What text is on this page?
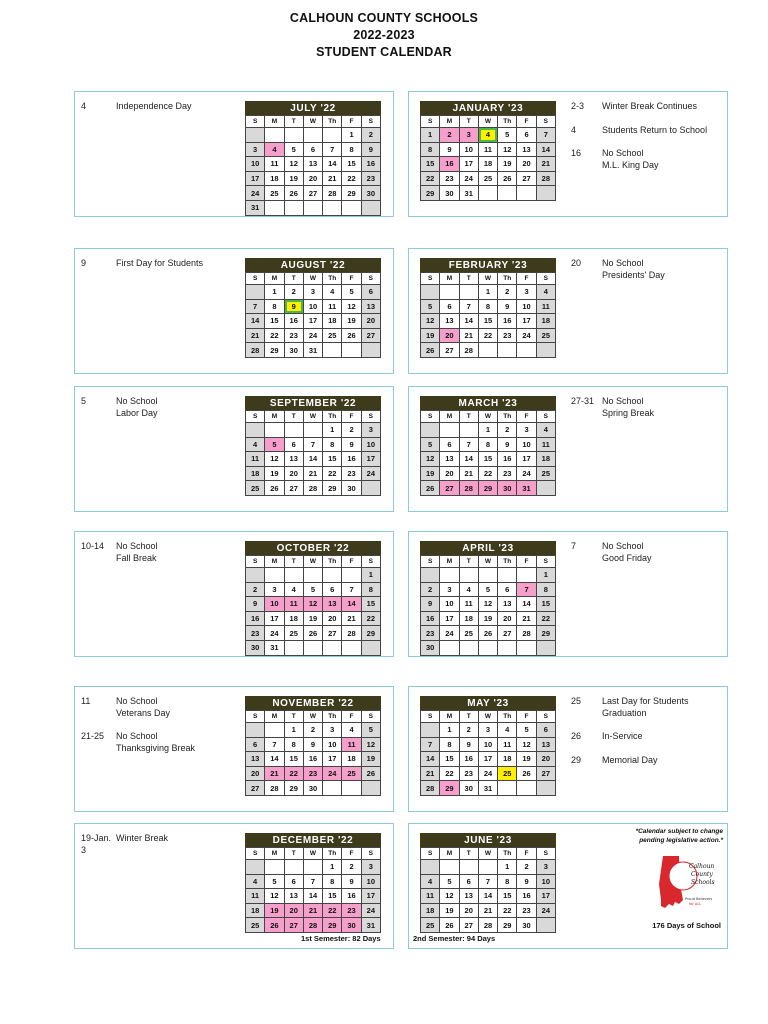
CALHOUN COUNTY SCHOOLS
2022-2023
STUDENT CALENDAR
4	Independence Day	JULY '22
S	M	T	W	Th	F	S
					1	2
3	4	5	6	7	8	9
10	11	12	13	14	15	16
17	18	19	20	21	22	23
24	25	26	27	28	29	30
31						
2-3	Winter Break Continues
4	Students Return to School
16	No School
M.L. King Day
JANUARY '23
S	M	T	W	Th	F	S
1	2	3	4	5	6	7
8	9	10	11	12	13	14
15	16	17	18	19	20	21
22	23	24	25	26	27	28
29	30	31				
9	First Day for Students	AUGUST '22
S	M	T	W	Th	F	S
	1	2	3	4	5	6
7	8	9	10	11	12	13
14	15	16	17	18	19	20
21	22	23	24	25	26	27
28	29	30	31			
20	No School
Presidents' Day
FEBRUARY '23
S	M	T	W	Th	F	S
			1	2	3	4
5	6	7	8	9	10	11
12	13	14	15	16	17	18
19	20	21	22	23	24	25
26	27	28				
5	No School
Labor Day
SEPTEMBER '22
S	M	T	W	Th	F	S
				1	2	3
4	5	6	7	8	9	10
11	12	13	14	15	16	17
18	19	20	21	22	23	24
25	26	27	28	29	30	
27-31 No School
Spring Break
MARCH '23
S	M	T	W	Th	F	S
			1	2	3	4
5	6	7	8	9	10	11
12	13	14	15	16	17	18
19	20	21	22	23	24	25
26	27	28	29	30	31	
10-14	No School
Fall Break
OCTOBER '22
S	M	T	W	Th	F	S
						1
2	3	4	5	6	7	8
9	10	11	12	13	14	15
16	17	18	19	20	21	22
23	24	25	26	27	28	29
30	31					
7	No School
Good Friday
APRIL '23
S	M	T	W	Th	F	S
						1
2	3	4	5	6	7	8
9	10	11	12	13	14	15
16	17	18	19	20	21	22
23	24	25	26	27	28	29
30						
11	No School
Veterans Day
21-25	No School
Thanksgiving Break
NOVEMBER '22
S	M	T	W	Th	F	S
		1	2	3	4	5
6	7	8	9	10	11	12
13	14	15	16	17	18	19
20	21	22	23	24	25	26
27	28	29	30			
25	Last Day for Students
Graduation
26	In-Service
29	Memorial Day
MAY '23
S	M	T	W	Th	F	S
	1	2	3	4	5	6
7	8	9	10	11	12	13
14	15	16	17	18	19	20
21	22	23	24	25	26	27
28	29	30	31			
19-Jan. 3
Winter Break	DECEMBER '22
S	M	T	W	Th	F	S
				1	2	3
4	5	6	7	8	9	10
11	12	13	14	15	16	17
18	19	20	21	22	23	24
25	26	27	28	29	30	31
1st Semester: 82 Days
JUNE '23
S	M	T	W	Th	F	S
				1	2	3
4	5	6	7	8	9	10
11	12	13	14	15	16	17
18	19	20	21	22	23	24
25	26	27	28	29	30	
2nd Semester: 94 Days
*Calendar subject to change pending legislative action.*
Calhoun
County
Schools
Proud Believers
for ALL
176 Days of School
